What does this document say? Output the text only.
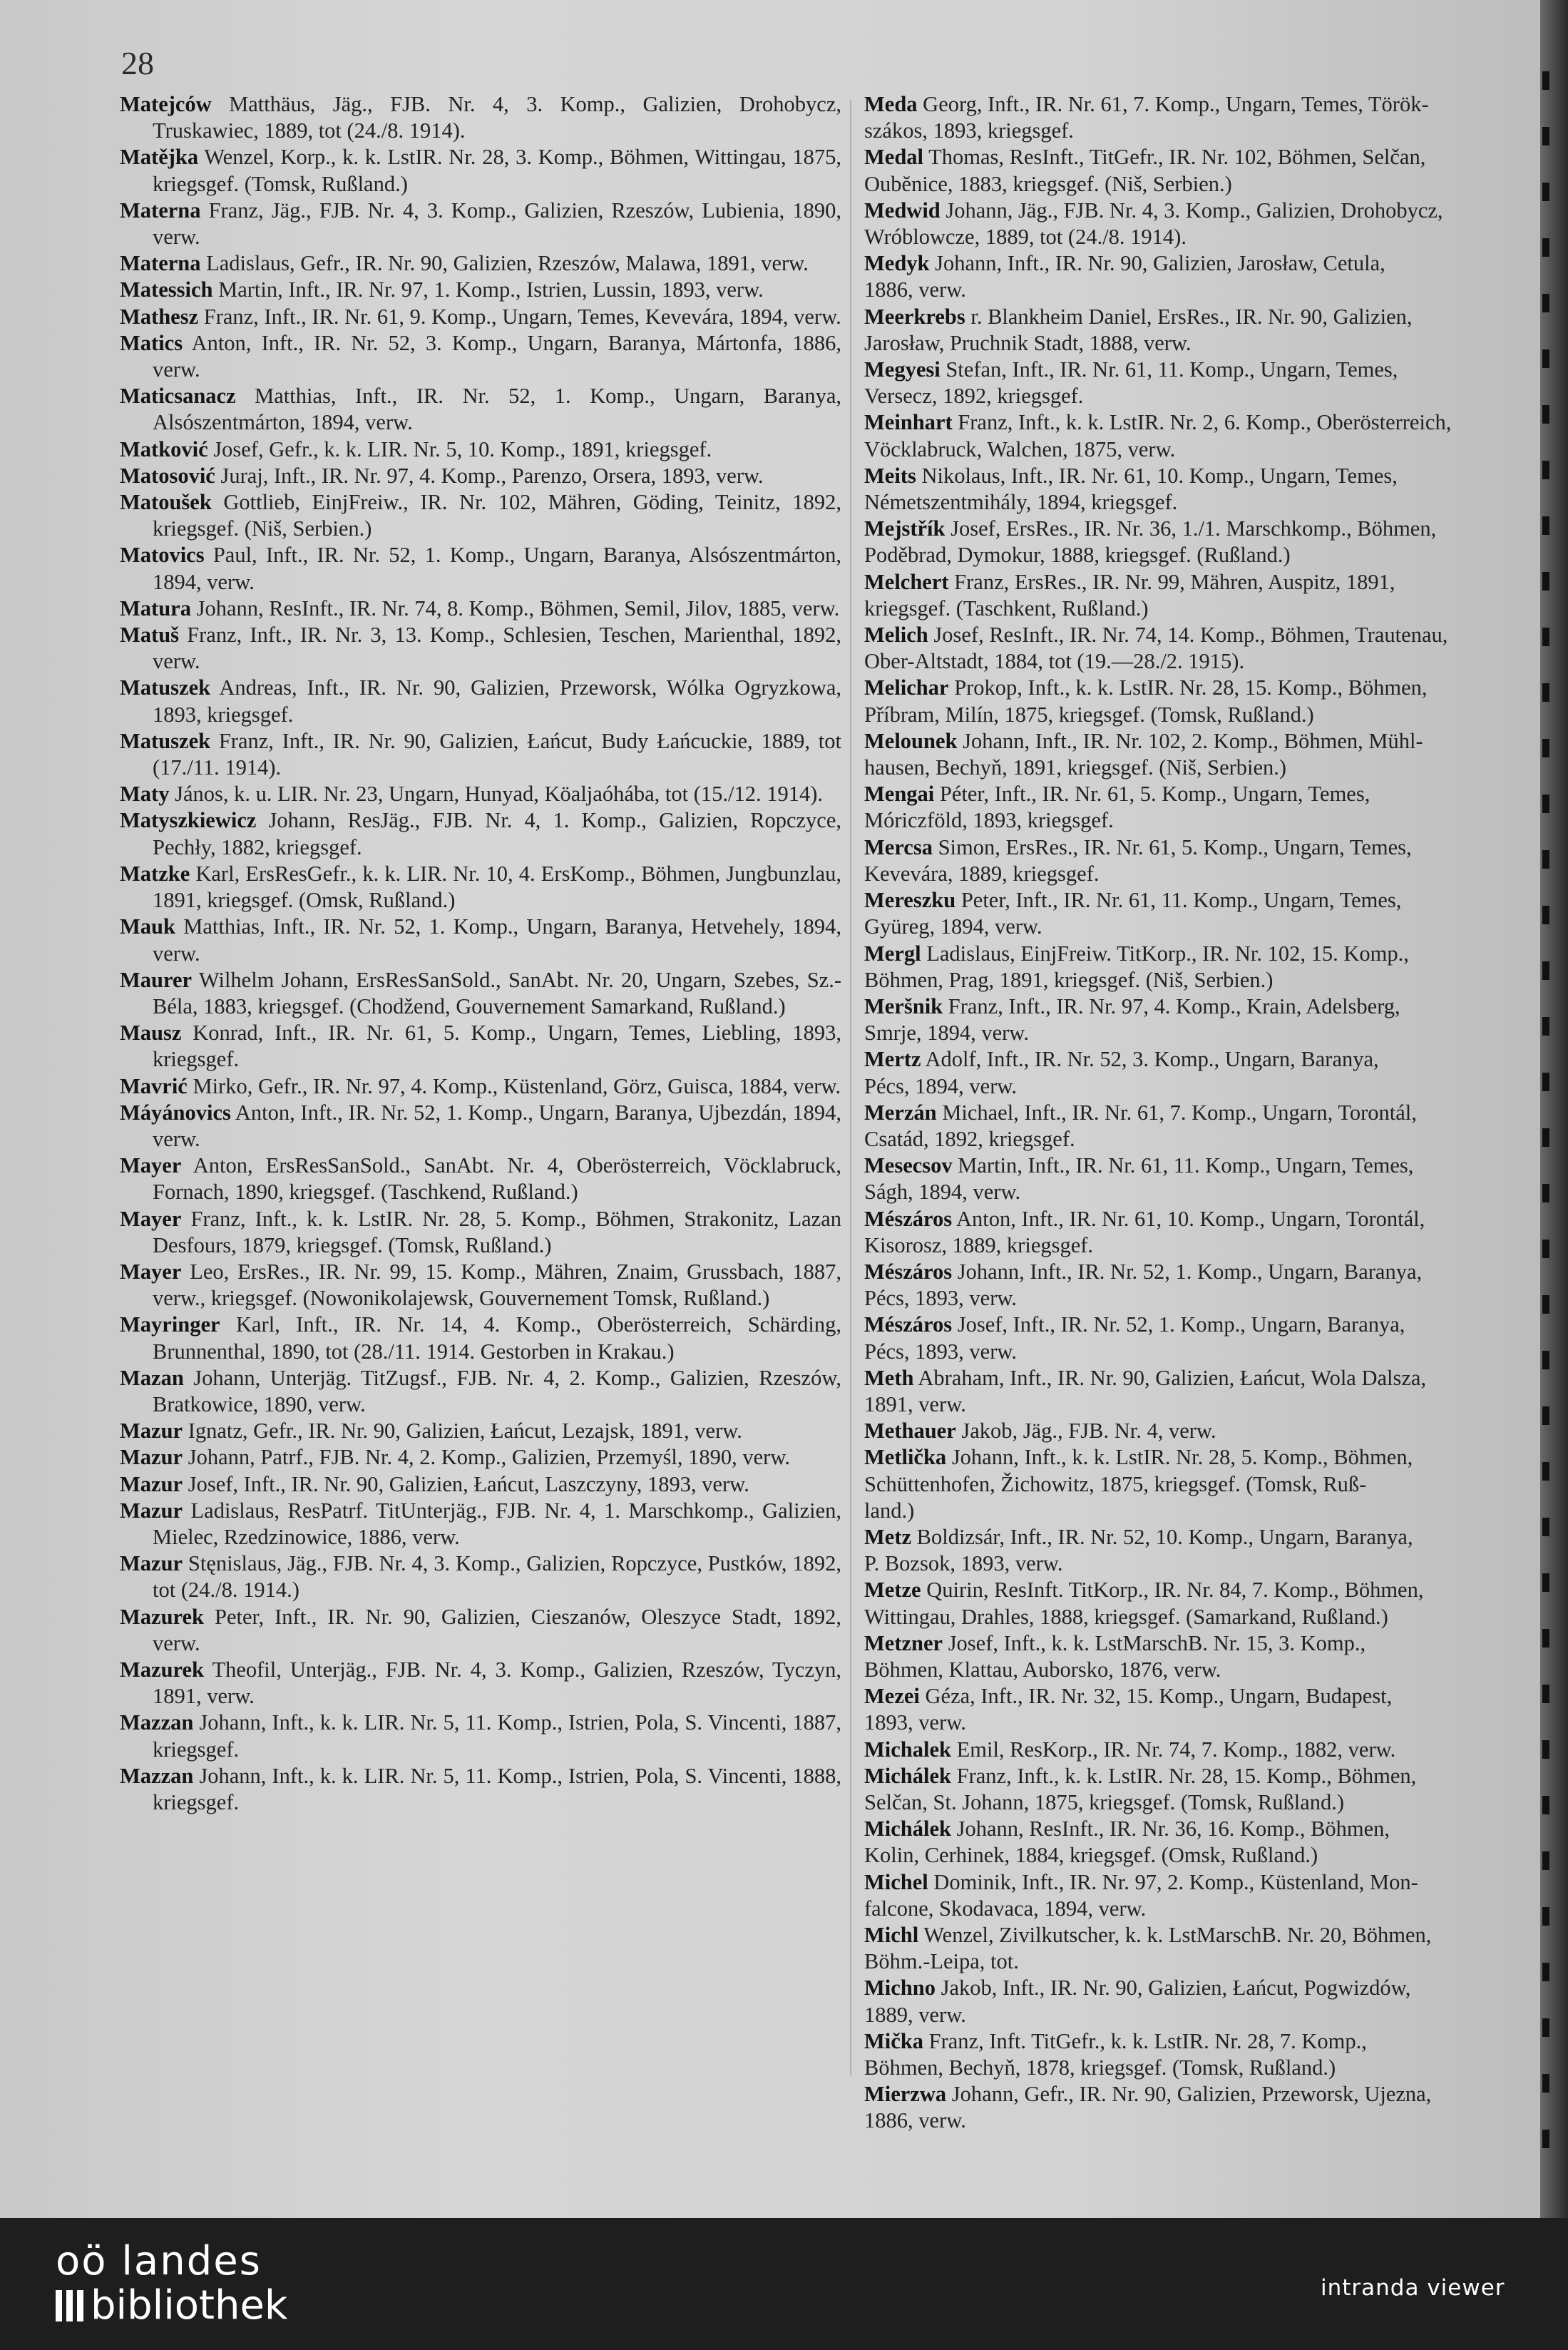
28

Matejców Matthäus, Jäg., FJB. Nr. 4, 3. Komp., Galizien, Drohobycz, Truskawiec, 1889, tot (24./8. 1914).

Matějka Wenzel, Korp., k. k. LstIR. Nr. 28, 3. Komp., Böhmen, Wittingau, 1875, kriegsgef. (Tomsk, Rußland.)

Materna Franz, Jäg., FJB. Nr. 4, 3. Komp., Galizien, Rzeszów, Lubienia, 1890, verw.

Materna Ladislaus, Gefr., IR. Nr. 90, Galizien, Rzeszów, Malawa, 1891, verw.

Matessich Martin, Inft., IR. Nr. 97, 1. Komp., Istrien, Lussin, 1893, verw.

Mathesz Franz, Inft., IR. Nr. 61, 9. Komp., Ungarn, Temes, Kevevára, 1894, verw.

Matics Anton, Inft., IR. Nr. 52, 3. Komp., Ungarn, Baranya, Mártonfa, 1886, verw.

Maticsanacz Matthias, Inft., IR. Nr. 52, 1. Komp., Ungarn, Baranya, Alsószentmárton, 1894, verw.

Matković Josef, Gefr., k. k. LIR. Nr. 5, 10. Komp., 1891, kriegsgef.

Matosović Juraj, Inft., IR. Nr. 97, 4. Komp., Parenzo, Orsera, 1893, verw.

Matoušek Gottlieb, EinjFreiw., IR. Nr. 102, Mähren, Göding, Teinitz, 1892, kriegsgef. (Niš, Serbien.)

Matovics Paul, Inft., IR. Nr. 52, 1. Komp., Ungarn, Baranya, Alsószentmárton, 1894, verw.

Matura Johann, ResInft., IR. Nr. 74, 8. Komp., Böhmen, Semil, Jilov, 1885, verw.

Matuš Franz, Inft., IR. Nr. 3, 13. Komp., Schlesien, Teschen, Marienthal, 1892, verw.

Matuszek Andreas, Inft., IR. Nr. 90, Galizien, Przeworsk, Wólka Ogryzkowa, 1893, kriegsgef.

Matuszek Franz, Inft., IR. Nr. 90, Galizien, Łańcut, Budy Łańcuckie, 1889, tot (17./11. 1914).

Maty János, k. u. LIR. Nr. 23, Ungarn, Hunyad, Köaljaóhába, tot (15./12. 1914).

Matyszkiewicz Johann, ResJäg., FJB. Nr. 4, 1. Komp., Galizien, Ropczyce, Pechły, 1882, kriegsgef.

Matzke Karl, ErsResGefr., k. k. LIR. Nr. 10, 4. ErsKomp., Böhmen, Jungbunzlau, 1891, kriegsgef. (Omsk, Rußland.)

Mauk Matthias, Inft., IR. Nr. 52, 1. Komp., Ungarn, Baranya, Hetvehely, 1894, verw.

Maurer Wilhelm Johann, ErsResSanSold., SanAbt. Nr. 20, Ungarn, Szebes, Sz.-Béla, 1883, kriegsgef. (Chodžend, Gouvernement Samarkand, Rußland.)

Mausz Konrad, Inft., IR. Nr. 61, 5. Komp., Ungarn, Temes, Liebling, 1893, kriegsgef.

Mavrić Mirko, Gefr., IR. Nr. 97, 4. Komp., Küstenland, Görz, Guisca, 1884, verw.

Máyánovics Anton, Inft., IR. Nr. 52, 1. Komp., Ungarn, Baranya, Ujbezdán, 1894, verw.

Mayer Anton, ErsResSanSold., SanAbt. Nr. 4, Oberösterreich, Vöcklabruck, Fornach, 1890, kriegsgef. (Taschkend, Rußland.)

Mayer Franz, Inft., k. k. LstIR. Nr. 28, 5. Komp., Böhmen, Strakonitz, Lazan Desfours, 1879, kriegsgef. (Tomsk, Rußland.)

Mayer Leo, ErsRes., IR. Nr. 99, 15. Komp., Mähren, Znaim, Grussbach, 1887, verw., kriegsgef. (Nowonikolajewsk, Gouvernement Tomsk, Rußland.)

Mayringer Karl, Inft., IR. Nr. 14, 4. Komp., Oberösterreich, Schärding, Brunnenthal, 1890, tot (28./11. 1914. Gestorben in Krakau.)

Mazan Johann, Unterjäg. TitZugsf., FJB. Nr. 4, 2. Komp., Galizien, Rzeszów, Bratkowice, 1890, verw.

Mazur Ignatz, Gefr., IR. Nr. 90, Galizien, Łańcut, Lezajsk, 1891, verw.

Mazur Johann, Patrf., FJB. Nr. 4, 2. Komp., Galizien, Przemyśl, 1890, verw.

Mazur Josef, Inft., IR. Nr. 90, Galizien, Łańcut, Laszczyny, 1893, verw.

Mazur Ladislaus, ResPatrf. TitUnterjäg., FJB. Nr. 4, 1. Marschkomp., Galizien, Mielec, Rzedzinowice, 1886, verw.

Mazur Stęnislaus, Jäg., FJB. Nr. 4, 3. Komp., Galizien, Ropczyce, Pustków, 1892, tot (24./8. 1914.)

Mazurek Peter, Inft., IR. Nr. 90, Galizien, Cieszanów, Oleszyce Stadt, 1892, verw.

Mazurek Theofil, Unterjäg., FJB. Nr. 4, 3. Komp., Galizien, Rzeszów, Tyczyn, 1891, verw.

Mazzan Johann, Inft., k. k. LIR. Nr. 5, 11. Komp., Istrien, Pola, S. Vincenti, 1887, kriegsgef.

Mazzan Johann, Inft., k. k. LIR. Nr. 5, 11. Komp., Istrien, Pola, S. Vincenti, 1888, kriegsgef.

Meda Georg, Inft., IR. Nr. 61, 7. Komp., Ungarn, Temes, Török-
szákos, 1893, kriegsgef.
Medal Thomas, ResInft., TitGefr., IR. Nr. 102, Böhmen, Selčan,
Oubĕnice, 1883, kriegsgef. (Niš, Serbien.)
Medwid Johann, Jäg., FJB. Nr. 4, 3. Komp., Galizien, Drohobycz,
Wróblowcze, 1889, tot (24./8. 1914).
Medyk Johann, Inft., IR. Nr. 90, Galizien, Jarosław, Cetula,
1886, verw.
Meerkrebs r. Blankheim Daniel, ErsRes., IR. Nr. 90, Galizien,
Jarosław, Pruchnik Stadt, 1888, verw.
Megyesi Stefan, Inft., IR. Nr. 61, 11. Komp., Ungarn, Temes,
Versecz, 1892, kriegsgef.
Meinhart Franz, Inft., k. k. LstIR. Nr. 2, 6. Komp., Oberösterreich,
Vöcklabruck, Walchen, 1875, verw.
Meits Nikolaus, Inft., IR. Nr. 61, 10. Komp., Ungarn, Temes,
Németszentmihály, 1894, kriegsgef.
Mejstřík Josef, ErsRes., IR. Nr. 36, 1./1. Marschkomp., Böhmen,
Poděbrad, Dymokur, 1888, kriegsgef. (Rußland.)
Melchert Franz, ErsRes., IR. Nr. 99, Mähren, Auspitz, 1891,
kriegsgef. (Taschkent, Rußland.)
Melich Josef, ResInft., IR. Nr. 74, 14. Komp., Böhmen, Trautenau,
Ober-Altstadt, 1884, tot (19.—28./2. 1915).
Melichar Prokop, Inft., k. k. LstIR. Nr. 28, 15. Komp., Böhmen,
Příbram, Milín, 1875, kriegsgef. (Tomsk, Rußland.)
Melounek Johann, Inft., IR. Nr. 102, 2. Komp., Böhmen, Mühl-
hausen, Bechyň, 1891, kriegsgef. (Niš, Serbien.)
Mengai Péter, Inft., IR. Nr. 61, 5. Komp., Ungarn, Temes,
Móriczföld, 1893, kriegsgef.
Mercsa Simon, ErsRes., IR. Nr. 61, 5. Komp., Ungarn, Temes,
Kevevára, 1889, kriegsgef.
Mereszku Peter, Inft., IR. Nr. 61, 11. Komp., Ungarn, Temes,
Gyüreg, 1894, verw.
Mergl Ladislaus, EinjFreiw. TitKorp., IR. Nr. 102, 15. Komp.,
Böhmen, Prag, 1891, kriegsgef. (Niš, Serbien.)
Meršnik Franz, Inft., IR. Nr. 97, 4. Komp., Krain, Adelsberg,
Smrje, 1894, verw.
Mertz Adolf, Inft., IR. Nr. 52, 3. Komp., Ungarn, Baranya,
Pécs, 1894, verw.
Merzán Michael, Inft., IR. Nr. 61, 7. Komp., Ungarn, Torontál,
Csatád, 1892, kriegsgef.
Mesecsov Martin, Inft., IR. Nr. 61, 11. Komp., Ungarn, Temes,
Ságh, 1894, verw.
Mészáros Anton, Inft., IR. Nr. 61, 10. Komp., Ungarn, Torontál,
Kisorosz, 1889, kriegsgef.
Mészáros Johann, Inft., IR. Nr. 52, 1. Komp., Ungarn, Baranya,
Pécs, 1893, verw.
Mészáros Josef, Inft., IR. Nr. 52, 1. Komp., Ungarn, Baranya,
Pécs, 1893, verw.
Meth Abraham, Inft., IR. Nr. 90, Galizien, Łańcut, Wola Dalsza,
1891, verw.
Methauer Jakob, Jäg., FJB. Nr. 4, verw.
Metlička Johann, Inft., k. k. LstIR. Nr. 28, 5. Komp., Böhmen,
Schüttenhofen, Žichowitz, 1875, kriegsgef. (Tomsk, Ruß-
land.)
Metz Boldizsár, Inft., IR. Nr. 52, 10. Komp., Ungarn, Baranya,
P. Bozsok, 1893, verw.
Metze Quirin, ResInft. TitKorp., IR. Nr. 84, 7. Komp., Böhmen,
Wittingau, Drahles, 1888, kriegsgef. (Samarkand, Rußland.)
Metzner Josef, Inft., k. k. LstMarschB. Nr. 15, 3. Komp.,
Böhmen, Klattau, Auborsko, 1876, verw.
Mezei Géza, Inft., IR. Nr. 32, 15. Komp., Ungarn, Budapest,
1893, verw.
Michalek Emil, ResKorp., IR. Nr. 74, 7. Komp., 1882, verw.
Michálek Franz, Inft., k. k. LstIR. Nr. 28, 15. Komp., Böhmen,
Selčan, St. Johann, 1875, kriegsgef. (Tomsk, Rußland.)
Michálek Johann, ResInft., IR. Nr. 36, 16. Komp., Böhmen,
Kolin, Cerhinek, 1884, kriegsgef. (Omsk, Rußland.)
Michel Dominik, Inft., IR. Nr. 97, 2. Komp., Küstenland, Mon-
falcone, Skodavaca, 1894, verw.
Michl Wenzel, Zivilkutscher, k. k. LstMarschB. Nr. 20, Böhmen,
Böhm.-Leipa, tot.
Michno Jakob, Inft., IR. Nr. 90, Galizien, Łańcut, Pogwizdów,
1889, verw.
Mička Franz, Inft. TitGefr., k. k. LstIR. Nr. 28, 7. Komp.,
Böhmen, Bechyň, 1878, kriegsgef. (Tomsk, Rußland.)
Mierzwa Johann, Gefr., IR. Nr. 90, Galizien, Przeworsk, Ujezna,
1886, verw.
oö landes
bibliothek	intranda viewer
